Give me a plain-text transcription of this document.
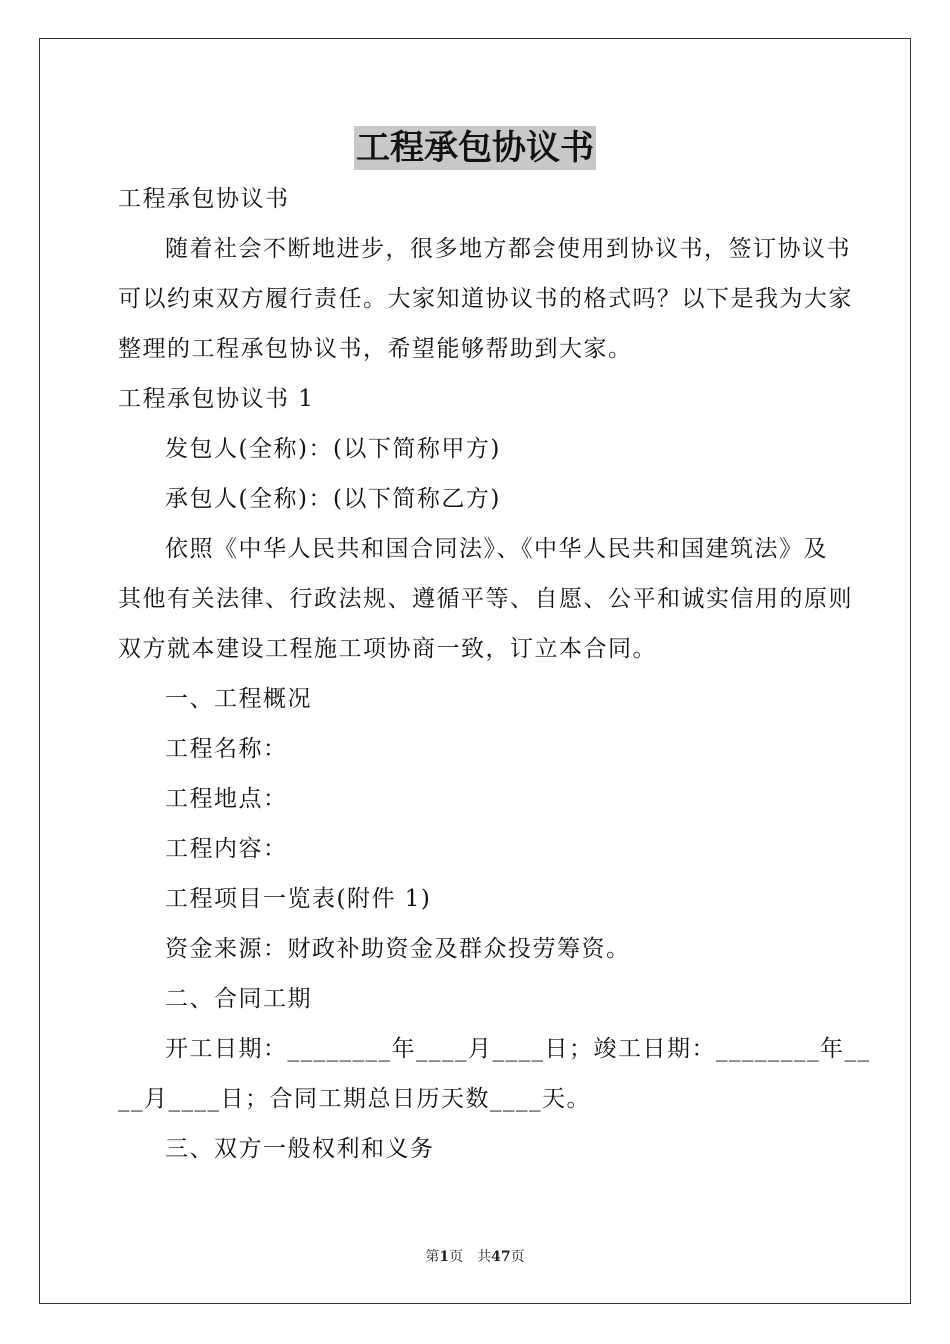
工程承包协议书
工程承包协议书
随着社会不断地进步，很多地方都会使用到协议书，签订协议书
可以约束双方履行责任。大家知道协议书的格式吗？以下是我为大家
整理的工程承包协议书，希望能够帮助到大家。
工程承包协议书 1
发包人(全称)：(以下简称甲方)
承包人(全称)：(以下简称乙方)
依照《中华人民共和国合同法》、《中华人民共和国建筑法》及
其他有关法律、行政法规、遵循平等、自愿、公平和诚实信用的原则
双方就本建设工程施工项协商一致，订立本合同。
一、工程概况
工程名称：
工程地点：
工程内容：
工程项目一览表(附件 1)
资金来源：财政补助资金及群众投劳筹资。
二、合同工期
开工日期：________年____月____日；竣工日期：________年__
__月____日；合同工期总日历天数____天。
三、双方一般权利和义务
第1页 共47页
